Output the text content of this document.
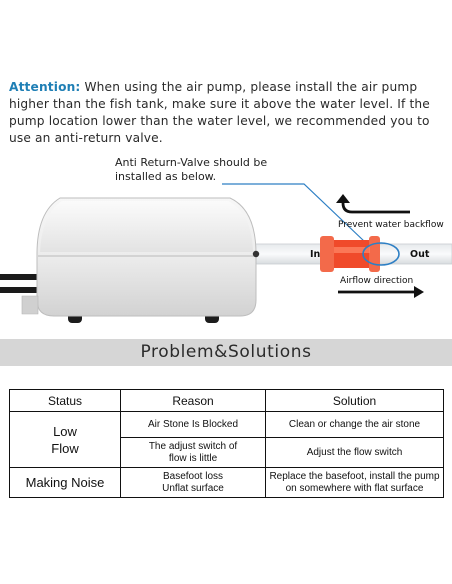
Attention: When using the air pump, please install the air pump higher than the fish tank, make sure it above the water level. If the pump location lower than the water level, we recommended you to use an anti-return valve.
Anti Return-Valve should be
installed as below.
Prevent water backflow
In	Out
Airflow direction
Problem&Solutions
Status	Reason	Solution

Low Flow	Air Stone Is Blocked	Clean or change the air stone

	The adjust switch of flow is little	Adjust the flow switch
Making Noise	Basefoot loss Unflat surface	Replace the basefoot, install the pump on somewhere with flat surface
